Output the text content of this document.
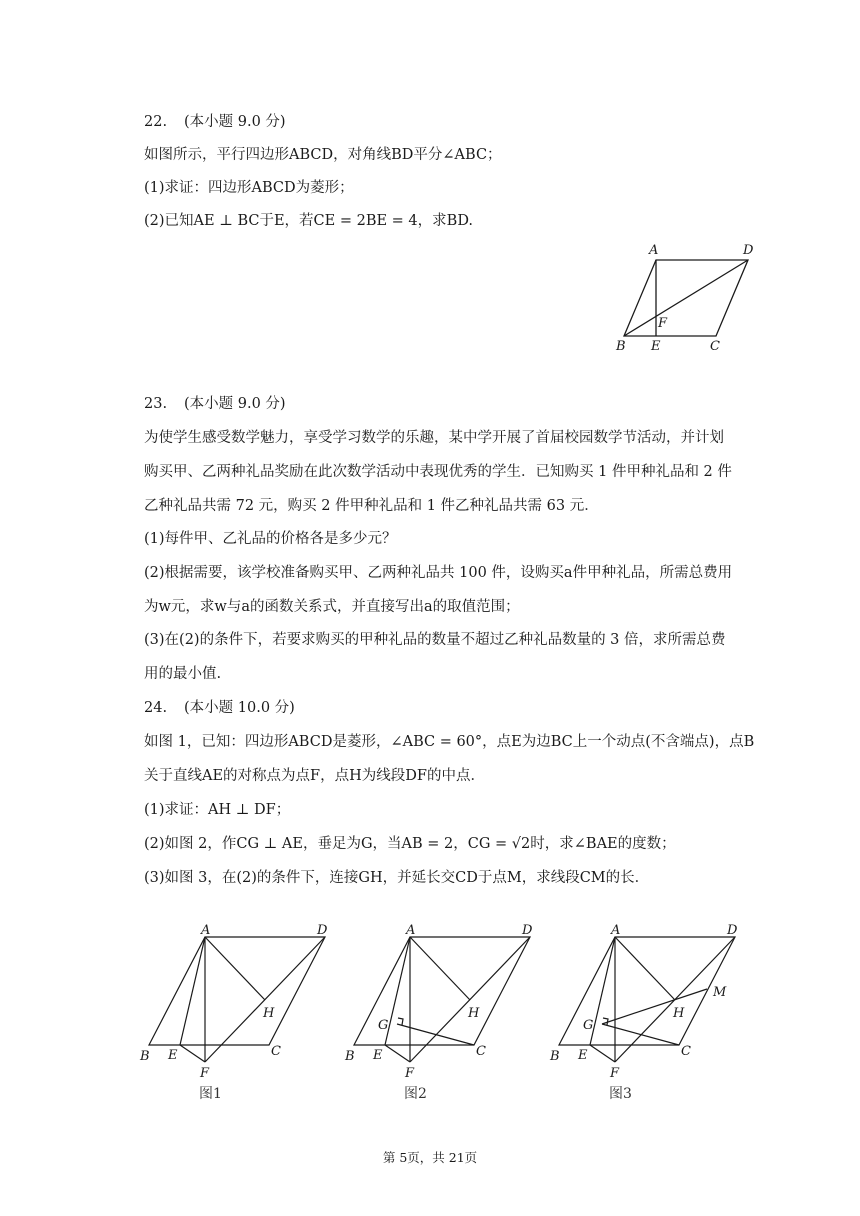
22. (本小题 9.0 分)
如图所示，平行四边形ABCD，对角线BD平分∠ABC；
(1)求证：四边形ABCD为菱形；
(2)已知AE ⊥ BC于E，若CE = 2BE = 4，求BD.
A	D
F
B E	C
23. (本小题 9.0 分)
为使学生感受数学魅力，享受学习数学的乐趣，某中学开展了首届校园数学节活动，并计划
购买甲、乙两种礼品奖励在此次数学活动中表现优秀的学生．已知购买 1 件甲种礼品和 2 件
乙种礼品共需 72 元，购买 2 件甲种礼品和 1 件乙种礼品共需 63 元．
(1)每件甲、乙礼品的价格各是多少元？
(2)根据需要，该学校准备购买甲、乙两种礼品共 100 件，设购买a件甲种礼品，所需总费用
为w元，求w与a的函数关系式，并直接写出a的取值范围；
(3)在(2)的条件下，若要求购买的甲种礼品的数量不超过乙种礼品数量的 3 倍，求所需总费
用的最小值.
24. (本小题 10.0 分)
如图 1，已知：四边形ABCD是菱形，∠ABC = 60°，点E为边BC上一个动点(不含端点)，点B
关于直线AE的对称点为点F，点H为线段DF的中点．
(1)求证：AH ⊥ DF；
(2)如图 2，作CG ⊥ AE，垂足为G，当AB = 2，CG = √2时，求∠BAE的度数；
(3)如图 3，在(2)的条件下，连接GH，并延长交CD于点M，求线段CM的长．
A	D
H
B E	C
F
图1
A	D
H
G
B E	C
F
图2
A	D
M
H
G
B E	C
F
图3
第 5页，共 21页
